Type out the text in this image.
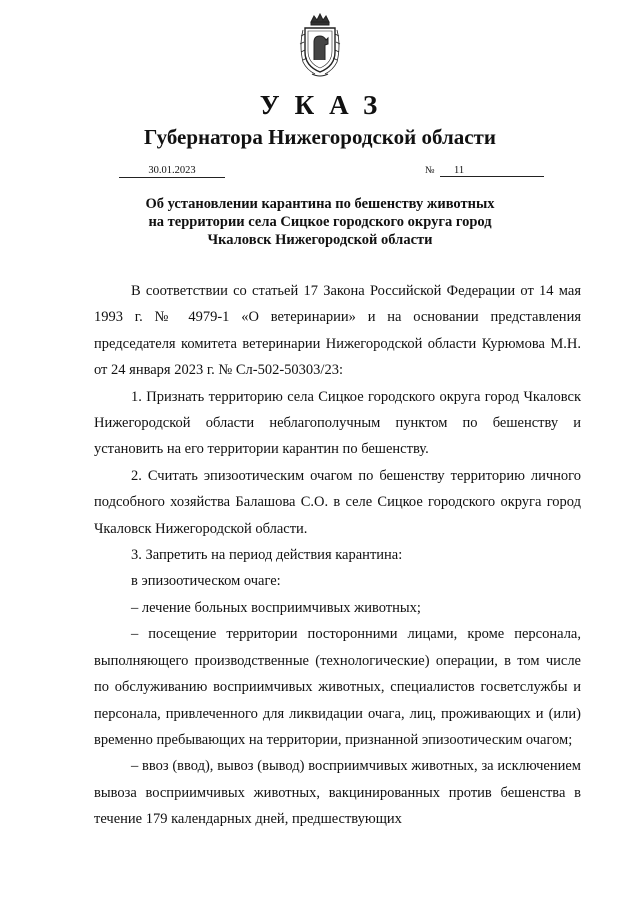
УКАЗ
Губернатора Нижегородской области
30.01.2023	№	11
Об установлении карантина по бешенству животных
на территории села Сицкое городского округа город
Чкаловск Нижегородской области

В соответствии со статьей 17 Закона Российской Федерации от 14 мая 1993 г. № 4979-1 «О ветеринарии» и на основании представления председателя комитета ветеринарии Нижегородской области Курюмова М.Н. от 24 января 2023 г. № Сл-502-50303/23:

1. Признать территорию села Сицкое городского округа город Чкаловск Нижегородской области неблагополучным пунктом по бешенству и установить на его территории карантин по бешенству.

2. Считать эпизоотическим очагом по бешенству территорию личного подсобного хозяйства Балашова С.О. в селе Сицкое городского округа город Чкаловск Нижегородской области.

3. Запретить на период действия карантина:

в эпизоотическом очаге:

– лечение больных восприимчивых животных;

– посещение территории посторонними лицами, кроме персонала, выполняющего производственные (технологические) операции, в том числе по обслуживанию восприимчивых животных, специалистов госветслужбы и персонала, привлеченного для ликвидации очага, лиц, проживающих и (или) временно пребывающих на территории, признанной эпизоотическим очагом;

– ввоз (ввод), вывоз (вывод) восприимчивых животных, за исключением вывоза восприимчивых животных, вакцинированных против бешенства в течение 179 календарных дней, предшествующих
